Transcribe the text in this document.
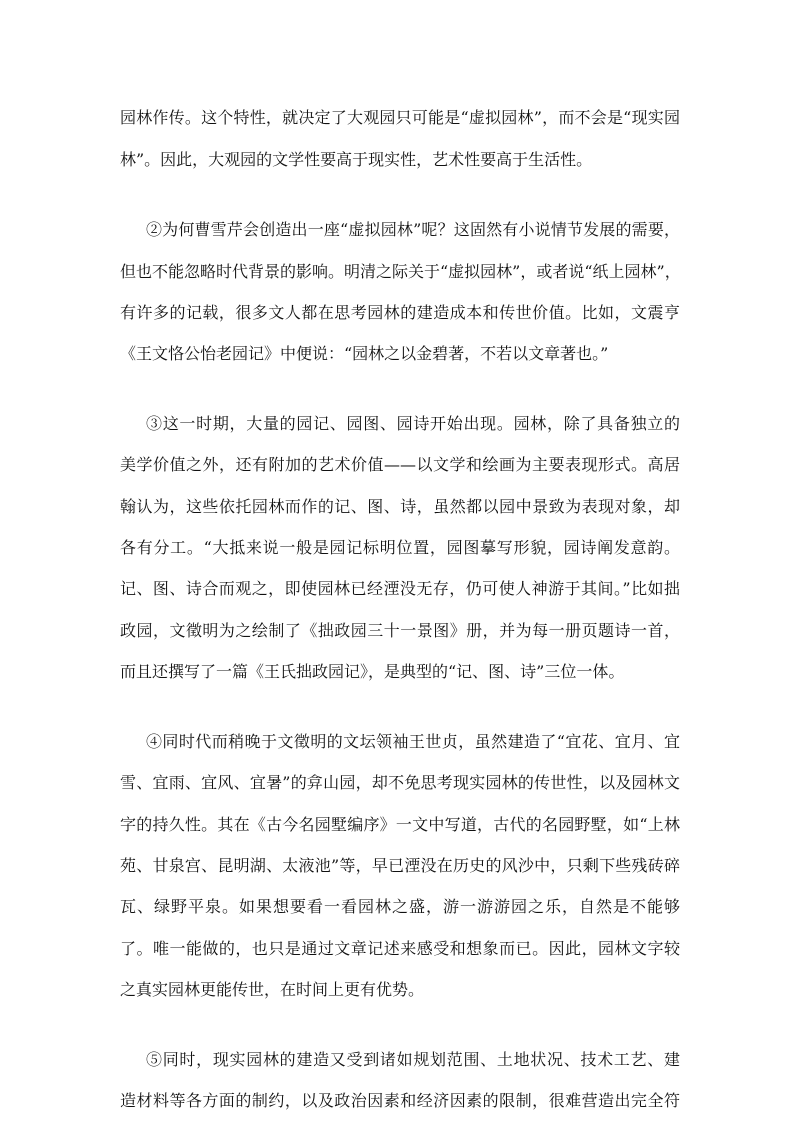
园林作传。这个特性，就决定了大观园只可能是“虚拟园林”，而不会是“现实园
林”。因此，大观园的文学性要高于现实性，艺术性要高于生活性。
②为何曹雪芹会创造出一座“虚拟园林”呢？这固然有小说情节发展的需要，
但也不能忽略时代背景的影响。明清之际关于“虚拟园林”，或者说“纸上园林”，
有许多的记载，很多文人都在思考园林的建造成本和传世价值。比如，文震亨
《王文恪公怡老园记》中便说：“园林之以金碧著，不若以文章著也。”
③这一时期，大量的园记、园图、园诗开始出现。园林，除了具备独立的
美学价值之外，还有附加的艺术价值——以文学和绘画为主要表现形式。高居
翰认为，这些依托园林而作的记、图、诗，虽然都以园中景致为表现对象，却
各有分工。“大抵来说一般是园记标明位置，园图摹写形貌，园诗阐发意韵。
记、图、诗合而观之，即使园林已经湮没无存，仍可使人神游于其间。”比如拙
政园，文徵明为之绘制了《拙政园三十一景图》册，并为每一册页题诗一首，
而且还撰写了一篇《王氏拙政园记》，是典型的“记、图、诗”三位一体。
④同时代而稍晚于文徵明的文坛领袖王世贞，虽然建造了“宜花、宜月、宜
雪、宜雨、宜风、宜暑”的弇山园，却不免思考现实园林的传世性，以及园林文
字的持久性。其在《古今名园墅编序》一文中写道，古代的名园野墅，如“上林
苑、甘泉宫、昆明湖、太液池”等，早已湮没在历史的风沙中，只剩下些残砖碎
瓦、绿野平泉。如果想要看一看园林之盛，游一游游园之乐，自然是不能够
了。唯一能做的，也只是通过文章记述来感受和想象而已。因此，园林文字较
之真实园林更能传世，在时间上更有优势。
⑤同时，现实园林的建造又受到诸如规划范围、土地状况、技术工艺、建
造材料等各方面的制约，以及政治因素和经济因素的限制，很难营造出完全符
